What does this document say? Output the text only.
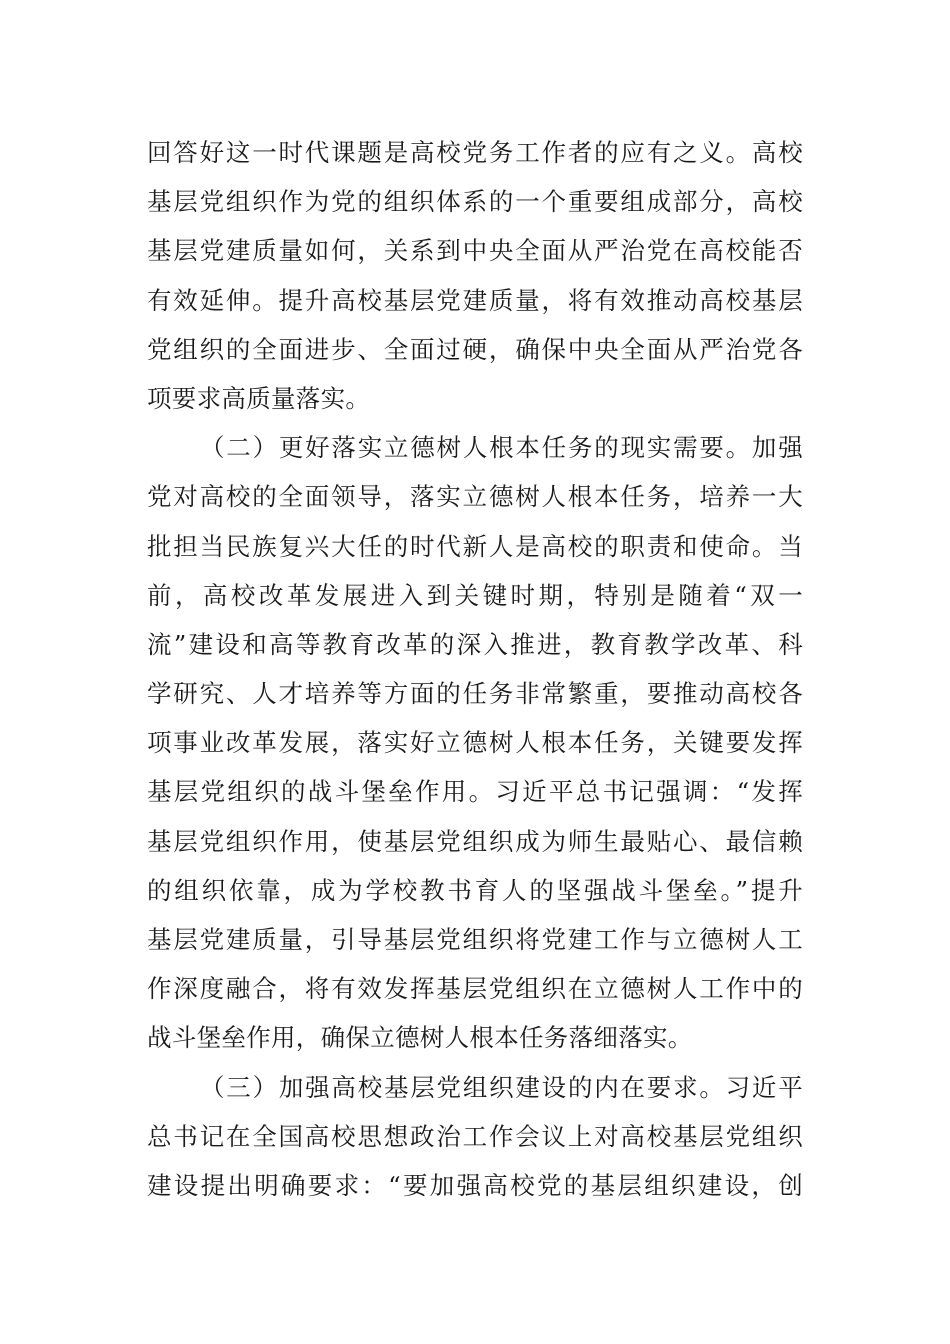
回答好这一时代课题是高校党务工作者的应有之义。高校
基层党组织作为党的组织体系的一个重要组成部分，高校
基层党建质量如何，关系到中央全面从严治党在高校能否
有效延伸。提升高校基层党建质量，将有效推动高校基层
党组织的全面进步、全面过硬，确保中央全面从严治党各
项要求高质量落实。
（二）更好落实立德树人根本任务的现实需要。加强
党对高校的全面领导，落实立德树人根本任务，培养一大
批担当民族复兴大任的时代新人是高校的职责和使命。当
前，高校改革发展进入到关键时期，特别是随着“双一
流”建设和高等教育改革的深入推进，教育教学改革、科
学研究、人才培养等方面的任务非常繁重，要推动高校各
项事业改革发展，落实好立德树人根本任务，关键要发挥
基层党组织的战斗堡垒作用。习近平总书记强调：“发挥
基层党组织作用，使基层党组织成为师生最贴心、最信赖
的组织依靠，成为学校教书育人的坚强战斗堡垒。”提升
基层党建质量，引导基层党组织将党建工作与立德树人工
作深度融合，将有效发挥基层党组织在立德树人工作中的
战斗堡垒作用，确保立德树人根本任务落细落实。
（三）加强高校基层党组织建设的内在要求。习近平
总书记在全国高校思想政治工作会议上对高校基层党组织
建设提出明确要求：“要加强高校党的基层组织建设，创
